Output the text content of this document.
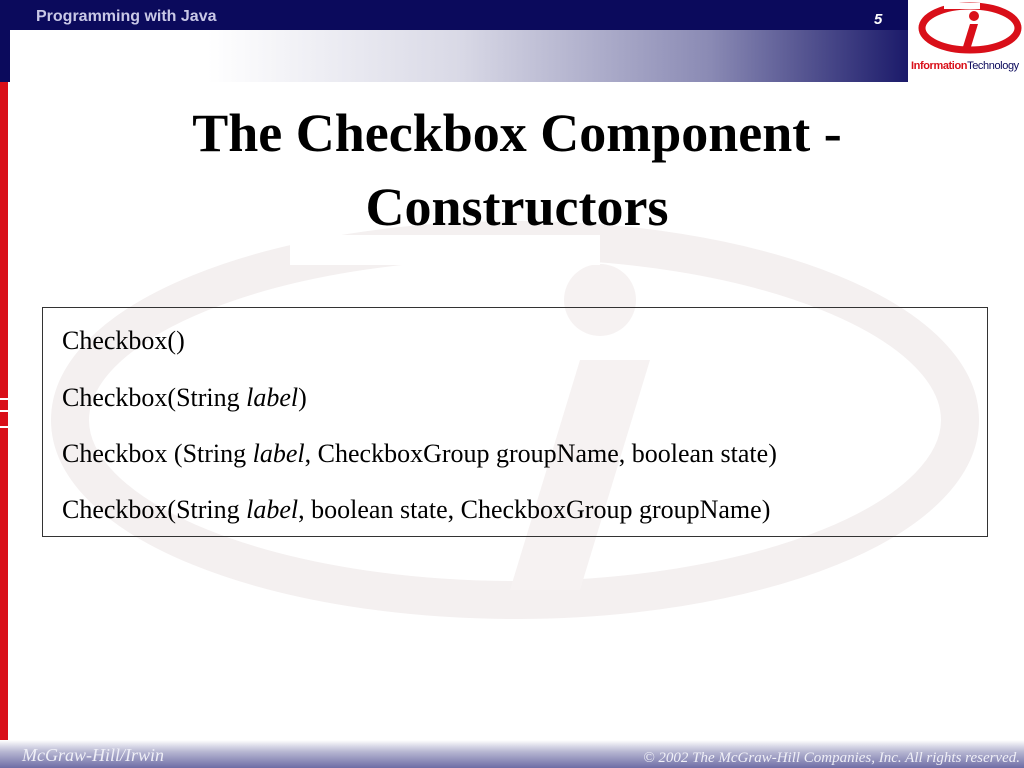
Programming with Java	5
InformationTechnology
The Checkbox Component -
Constructors
Checkbox()
Checkbox(String label)
Checkbox (String label, CheckboxGroup groupName, boolean state)
Checkbox(String label, boolean state, CheckboxGroup groupName)
McGraw-Hill/Irwin	© 2002 The McGraw-Hill Companies, Inc. All rights reserved.
